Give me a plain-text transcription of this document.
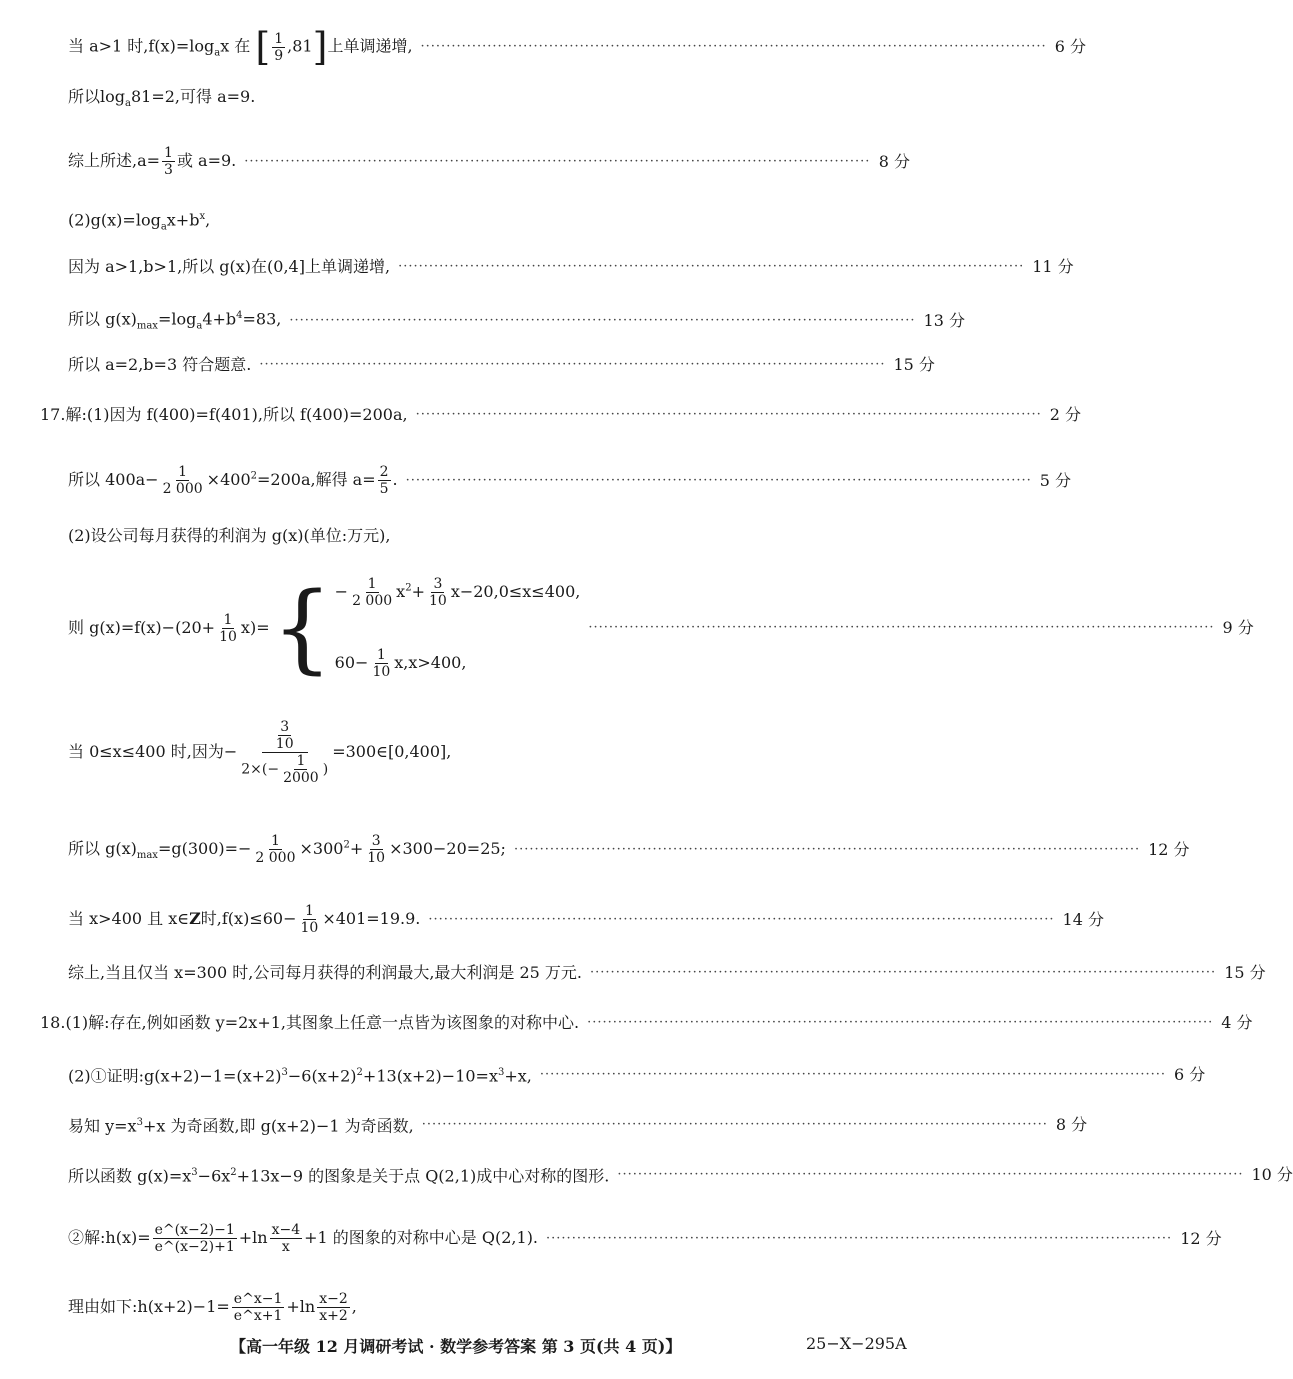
当 a>1 时$,f(x)=\log_ax$ 在 [ $\frac{1}{9} ,81$]上单调递增, ·························································································································· 6 分
所以$\log_a81=2$,可得 a=9.
综上所述$,a= \frac{1}{3}$ 或 a=9. ·························································································································· 8 分
$(2)g(x)=\log_ax+b^x$,
因为 a>1,b>1,所以 g(x)在(0,4]上单调递增, ·························································································································· 11 分
所以 $g(x)_{max}=\log_a4+b^4=83$, ·························································································································· 13 分
所以 a=2,b=3 符合题意. ·························································································································· 15 分
17.解:(1)因为 f(400)=f(401),所以 f(400)=200a, ·························································································································· 2 分
所以 $400a- \frac{1}{2 000} \times 400^2=200a$,解得 $a= \frac{2}{5}$ . ·························································································································· 5 分
(2)设公司每月获得的利润为 g(x)(单位:万元),
则 $g(x)=f(x)-(20+ \frac{1}{10} x)=$ { − $\frac{1}{2 000} x^2+ \frac{3}{10} x-20,0\le x\le 400$,
$60- \frac{1}{10} x,x>400$,
·························································································································· 9 分
当 0≤x≤400 时,因为− $\frac{\frac{3}{10}}{2\times(- \frac{1}{2000} )}$ =300∈[0,400],
所以 $g(x)_{max}=g(300)=- \frac{1}{2 000} \times 300^2+ \frac{3}{10} \times 300-20=25$; ·························································································································· 12 分
当 x>400 且 x∈Z时$,f(x)\le 60- \frac{1}{10} \times 401=19.9$. ·························································································································· 14 分
综上,当且仅当 x=300 时,公司每月获得的利润最大,最大利润是 25 万元. ·························································································································· 15 分
18.(1)解:存在,例如函数 y=2x+1,其图象上任意一点皆为该图象的对称中心. ·························································································································· 4 分
(2)①证明$:g(x+2)-1=(x+2)^3-6(x+2)^2+13(x+2)-10=x^3+x$, ·························································································································· 6 分
易知 $y=x^3+x$ 为奇函数,即 g(x+2)−1 为奇函数, ·························································································································· 8 分
所以函数 $g(x)=x^3-6x^2+13x-9$ 的图象是关于点 Q(2,1)成中心对称的图形. ·························································································································· 10 分
②解:h(x)= $\frac{e\^{}(x-2)-1}{e\^{}(x-2)+1} +\ln \frac{x-4}{x} +1$ 的图象的对称中心是 Q(2,1). ·························································································································· 12 分
理由如下:h(x+2)−1= $\frac{e\^{}x-1}{e\^{}x+1} +\ln \frac{x-2}{x+2}$ ,
【高一年级 12 月调研考试 · 数学参考答案 第 3 页(共 4 页)】	25−X−295A
